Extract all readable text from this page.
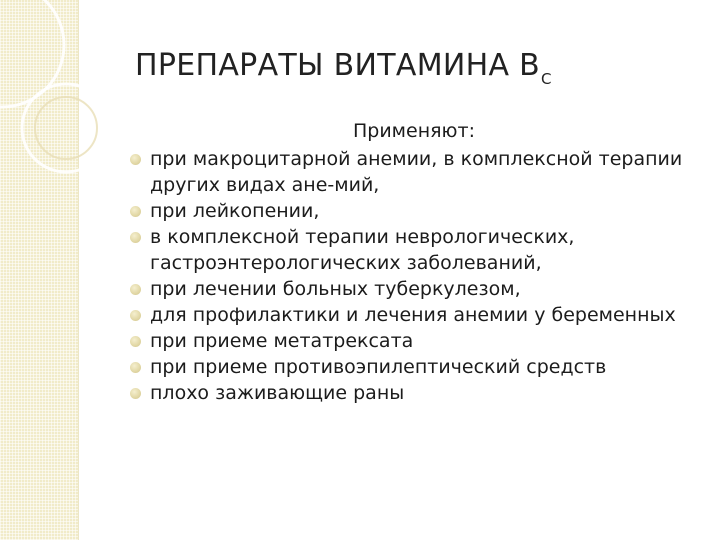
ПРЕПАРАТЫ ВИТАМИНА $В_С$
Применяют:
при макроцитарной анемии, в комплексной терапии других видах ане-мий,
при лейкопении,
в комплексной терапии неврологических, гастроэнтерологических заболеваний,
при лечении больных туберкулезом,
для профилактики и лечения анемии у беременных
при приеме метатрексата
при приеме противоэпилептический средств
плохо заживающие раны
